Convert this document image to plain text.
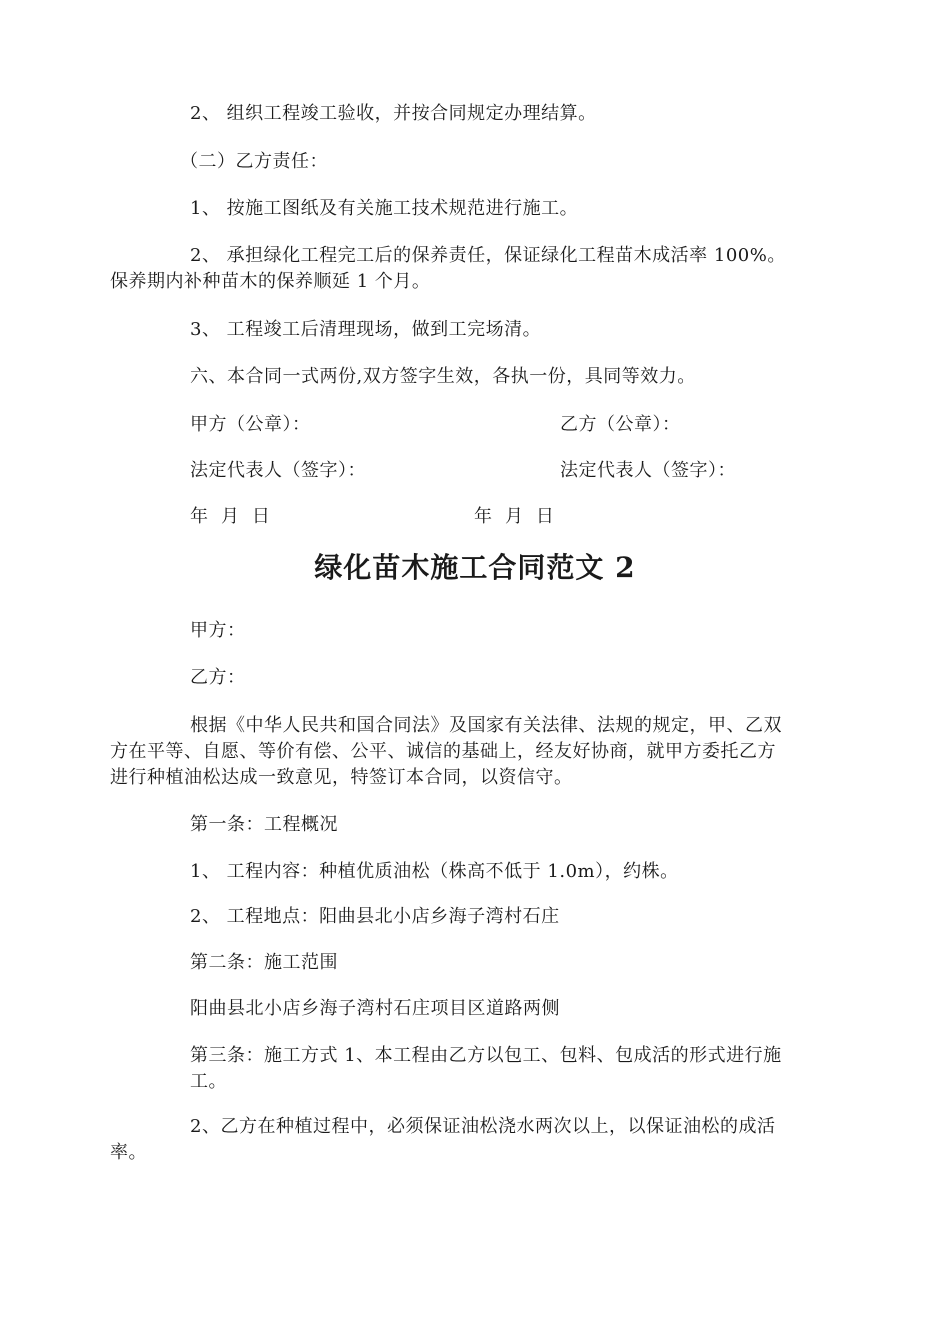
2、 组织工程竣工验收，并按合同规定办理结算。
（二）乙方责任：
1、 按施工图纸及有关施工技术规范进行施工。
2、 承担绿化工程完工后的保养责任，保证绿化工程苗木成活率 100%。
保养期内补种苗木的保养顺延 1 个月。
3、 工程竣工后清理现场，做到工完场清。
六、本合同一式两份,双方签字生效，各执一份，具同等效力。
甲方（公章）：	乙方（公章）：
法定代表人（签字）：	法定代表人（签字）：
年  月  日	年  月  日
绿化苗木施工合同范文 2
甲方：
乙方：
根据《中华人民共和国合同法》及国家有关法律、法规的规定，甲、乙双
方在平等、自愿、等价有偿、公平、诚信的基础上，经友好协商，就甲方委托乙方
进行种植油松达成一致意见，特签订本合同，以资信守。
第一条：工程概况
1、 工程内容：种植优质油松（株高不低于 1.0m），约株。
2、 工程地点：阳曲县北小店乡海子湾村石庄
第二条：施工范围
阳曲县北小店乡海子湾村石庄项目区道路两侧
第三条：施工方式 1、本工程由乙方以包工、包料、包成活的形式进行施
工。
2、乙方在种植过程中，必须保证油松浇水两次以上，以保证油松的成活
率。
